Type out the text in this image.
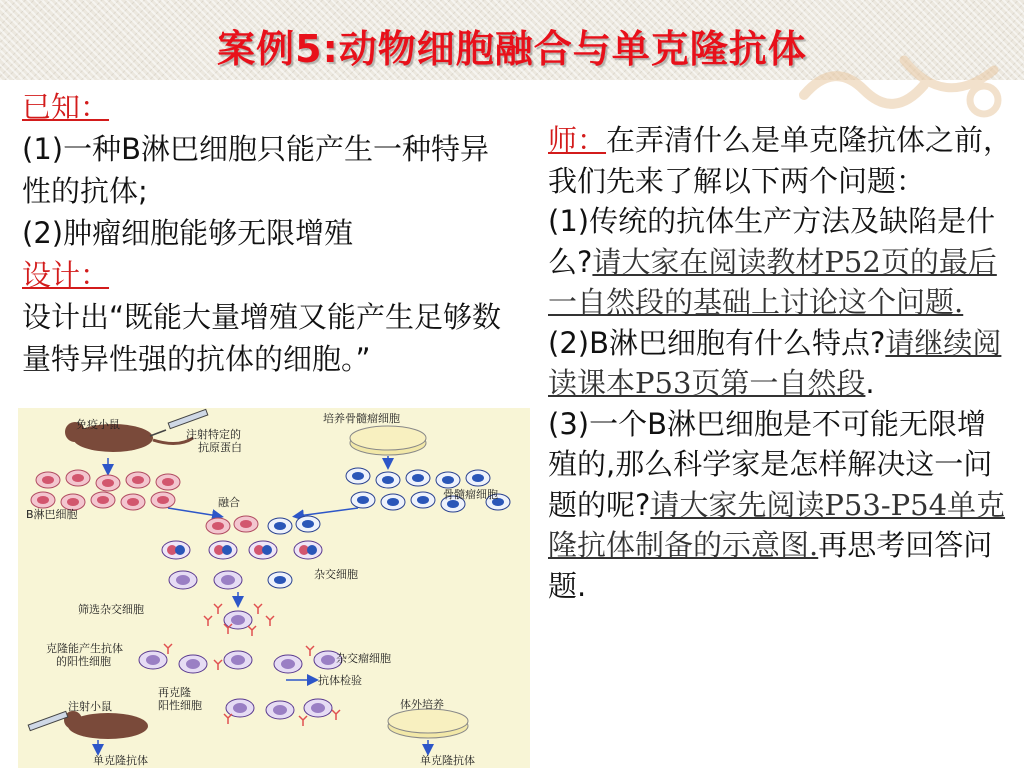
案例5:动物细胞融合与单克隆抗体

已知：

(1)一种B淋巴细胞只能产生一种特异性的抗体;

(2)肿瘤细胞能够无限增殖

设计：

设计出“既能大量增殖又能产生足够数量特异性强的抗体的细胞。”

师：在弄清什么是单克隆抗体之前，我们先来了解以下两个问题：

(1)传统的抗体生产方法及缺陷是什么?请大家在阅读教材P52页的最后一自然段的基础上讨论这个问题.

(2)B淋巴细胞有什么特点?请继续阅读课本P53页第一自然段.

(3)一个B淋巴细胞是不可能无限增殖的,那么科学家是怎样解决这一问题的呢?请大家先阅读P53-P54单克隆抗体制备的示意图.再思考回答问题.

免疫小鼠
注射特定的
抗原蛋白
培养骨髓瘤细胞
B淋巴细胞
骨髓瘤细胞
融合
杂交细胞
筛选杂交细胞
克隆能产生抗体
的阳性细胞	杂交瘤细胞
抗体检验
再克隆
阳性细胞
注射小鼠
单克隆抗体
体外培养
单克隆抗体
